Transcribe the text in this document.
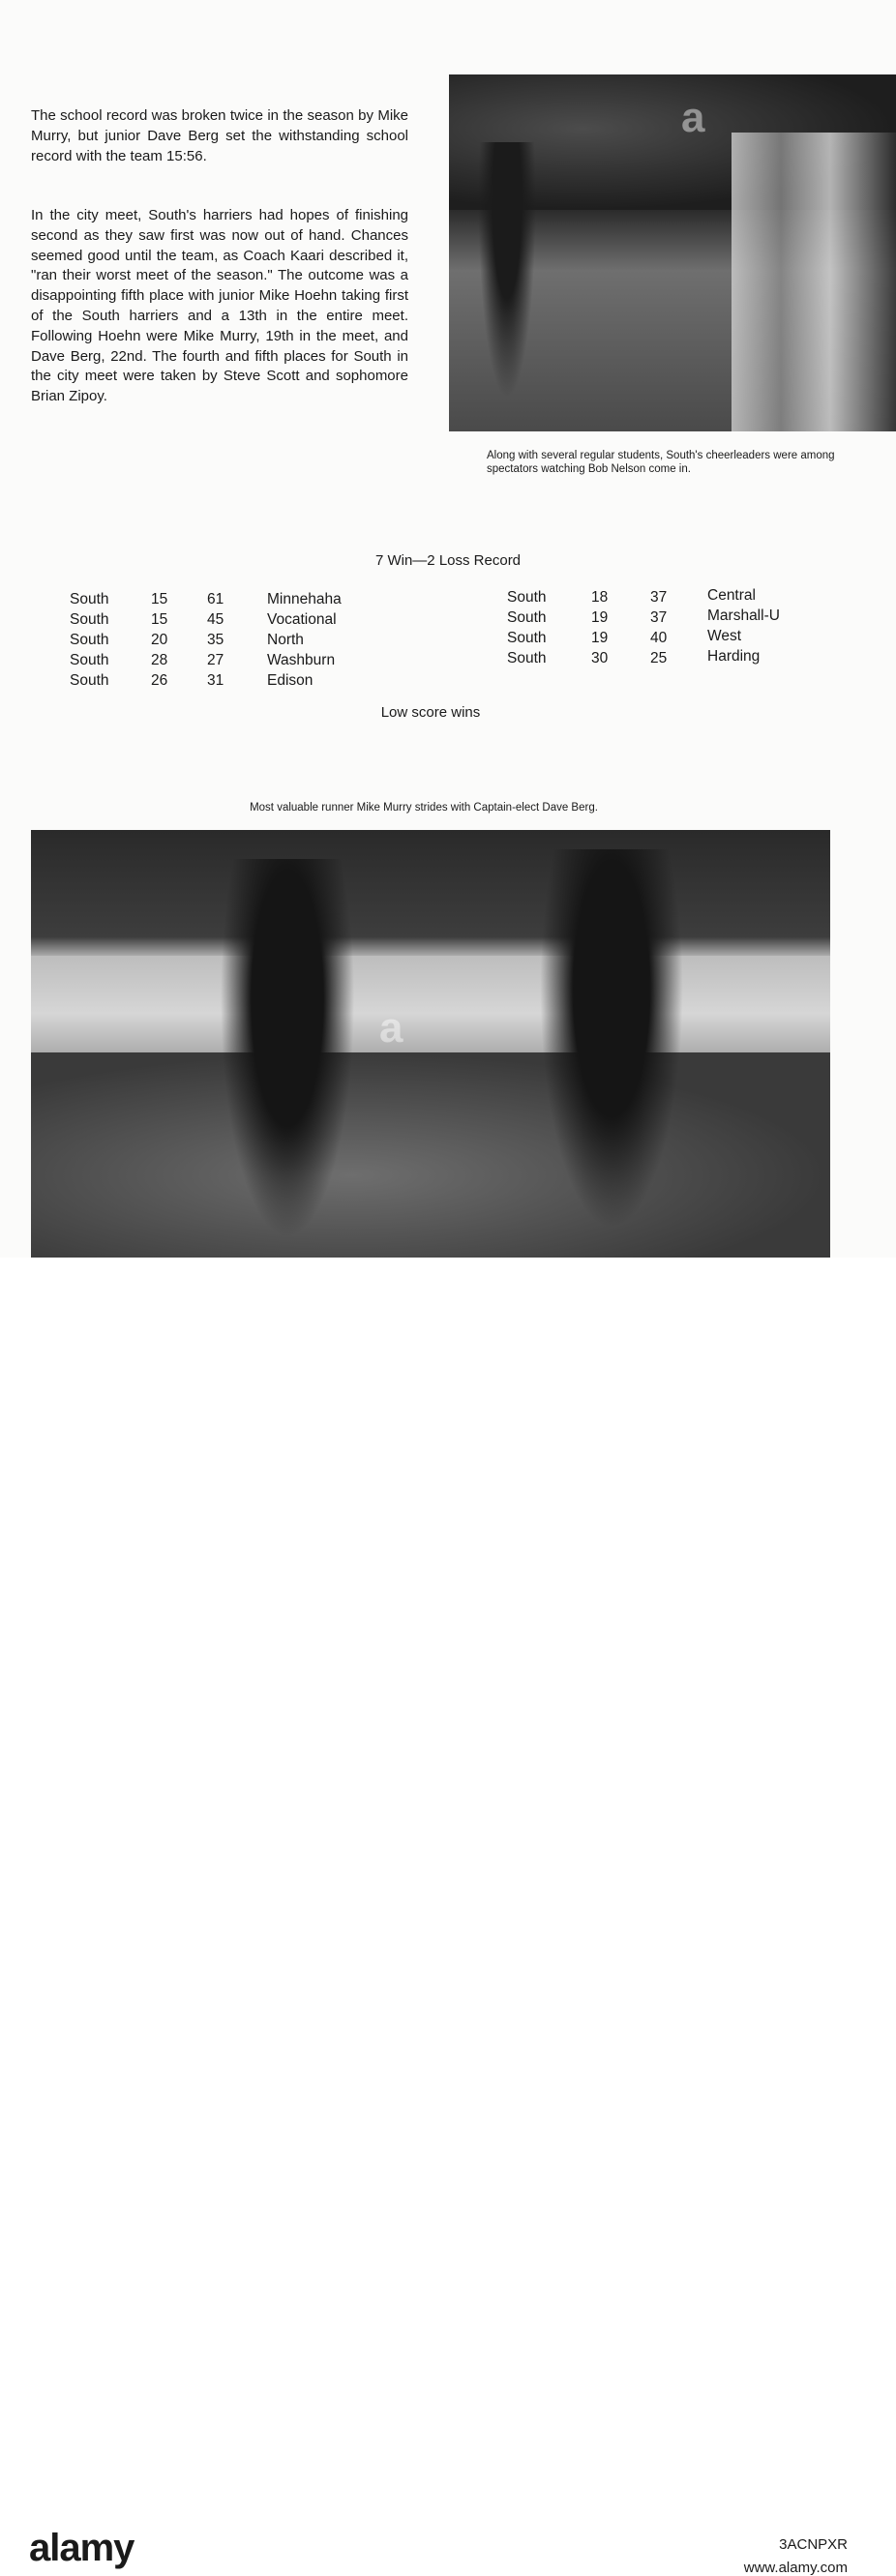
The school record was broken twice in the season by Mike Murry, but junior Dave Berg set the withstanding school record with the team 15:56.

In the city meet, South's harriers had hopes of finishing second as they saw first was now out of hand. Chances seemed good until the team, as Coach Kaari described it, "ran their worst meet of the season." The outcome was a disappointing fifth place with junior Mike Hoehn taking first of the South harriers and a 13th in the entire meet. Following Hoehn were Mike Murry, 19th in the meet, and Dave Berg, 22nd. The fourth and fifth places for South in the city meet were taken by Steve Scott and sophomore Brian Zipoy.

a

Along with several regular students, South's cheerleaders were among spectators watching Bob Nelson come in.

7 Win—2 Loss Record
South	15	61	Minnehaha
South	15	45	Vocational
South	20	35	North
South	28	27	Washburn
South	26	31	Edison
South	18	37	Central
South	19	37	Marshall-U
South	19	40	West
South	30	25	Harding
Low score wins

Most valuable runner Mike Murry strides with Captain-elect Dave Berg.

a
alamy	3ACNPXR
www.alamy.com
